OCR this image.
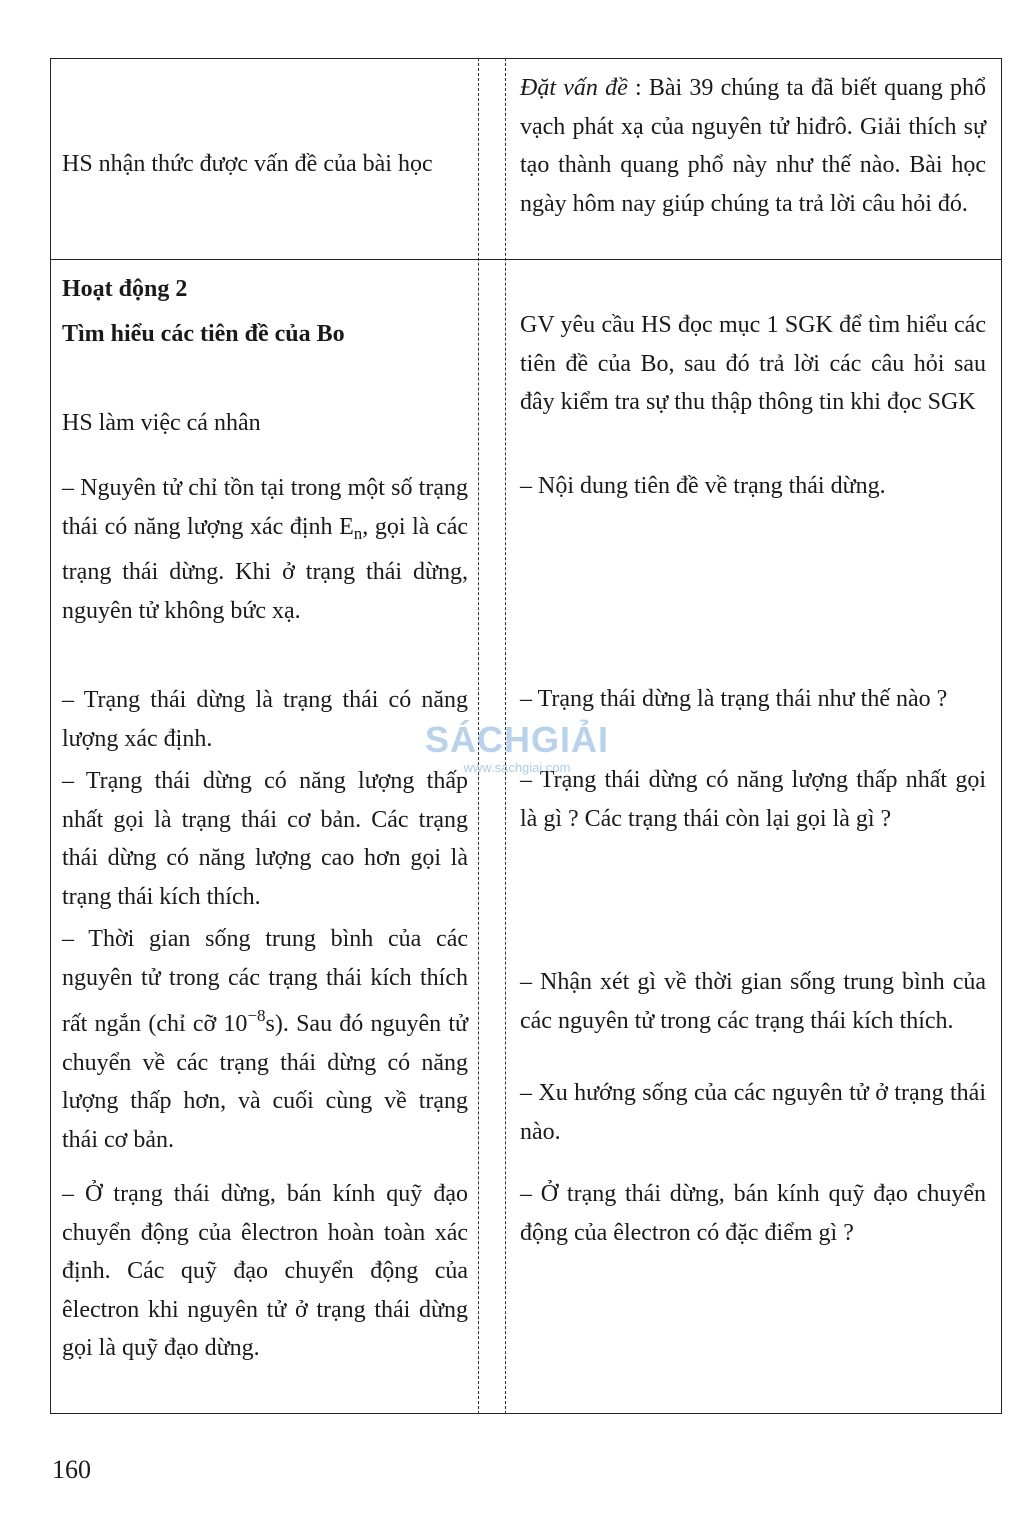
HS nhận thức được vấn đề của bài học

Đặt vấn đề : Bài 39 chúng ta đã biết quang phổ vạch phát xạ của nguyên tử hiđrô. Giải thích sự tạo thành quang phổ này như thế nào. Bài học ngày hôm nay giúp chúng ta trả lời câu hỏi đó.

Hoạt động 2

Tìm hiểu các tiên đề của Bo

HS làm việc cá nhân

GV yêu cầu HS đọc mục 1 SGK để tìm hiểu các tiên đề của Bo, sau đó trả lời các câu hỏi sau đây kiểm tra sự thu thập thông tin khi đọc SGK

– Nguyên tử chỉ tồn tại trong một số trạng thái có năng lượng xác định $E_n$, gọi là các trạng thái dừng. Khi ở trạng thái dừng, nguyên tử không bức xạ.

– Trạng thái dừng là trạng thái có năng lượng xác định.

– Trạng thái dừng có năng lượng thấp nhất gọi là trạng thái cơ bản. Các trạng thái dừng có năng lượng cao hơn gọi là trạng thái kích thích.

– Thời gian sống trung bình của các nguyên tử trong các trạng thái kích thích rất ngắn (chỉ cỡ $10^{-8}s$). Sau đó nguyên tử chuyển về các trạng thái dừng có năng lượng thấp hơn, và cuối cùng về trạng thái cơ bản.

– Ở trạng thái dừng, bán kính quỹ đạo chuyển động của êlectron hoàn toàn xác định. Các quỹ đạo chuyển động của êlectron khi nguyên tử ở trạng thái dừng gọi là quỹ đạo dừng.

– Nội dung tiên đề về trạng thái dừng.

– Trạng thái dừng là trạng thái như thế nào ?

– Trạng thái dừng có năng lượng thấp nhất gọi là gì ? Các trạng thái còn lại gọi là gì ?

– Nhận xét gì về thời gian sống trung bình của các nguyên tử trong các trạng thái kích thích.

– Xu hướng sống của các nguyên tử ở trạng thái nào.

– Ở trạng thái dừng, bán kính quỹ đạo chuyển động của êlectron có đặc điểm gì ?

SÁCHGIẢI
www.sachgiai.com
160
